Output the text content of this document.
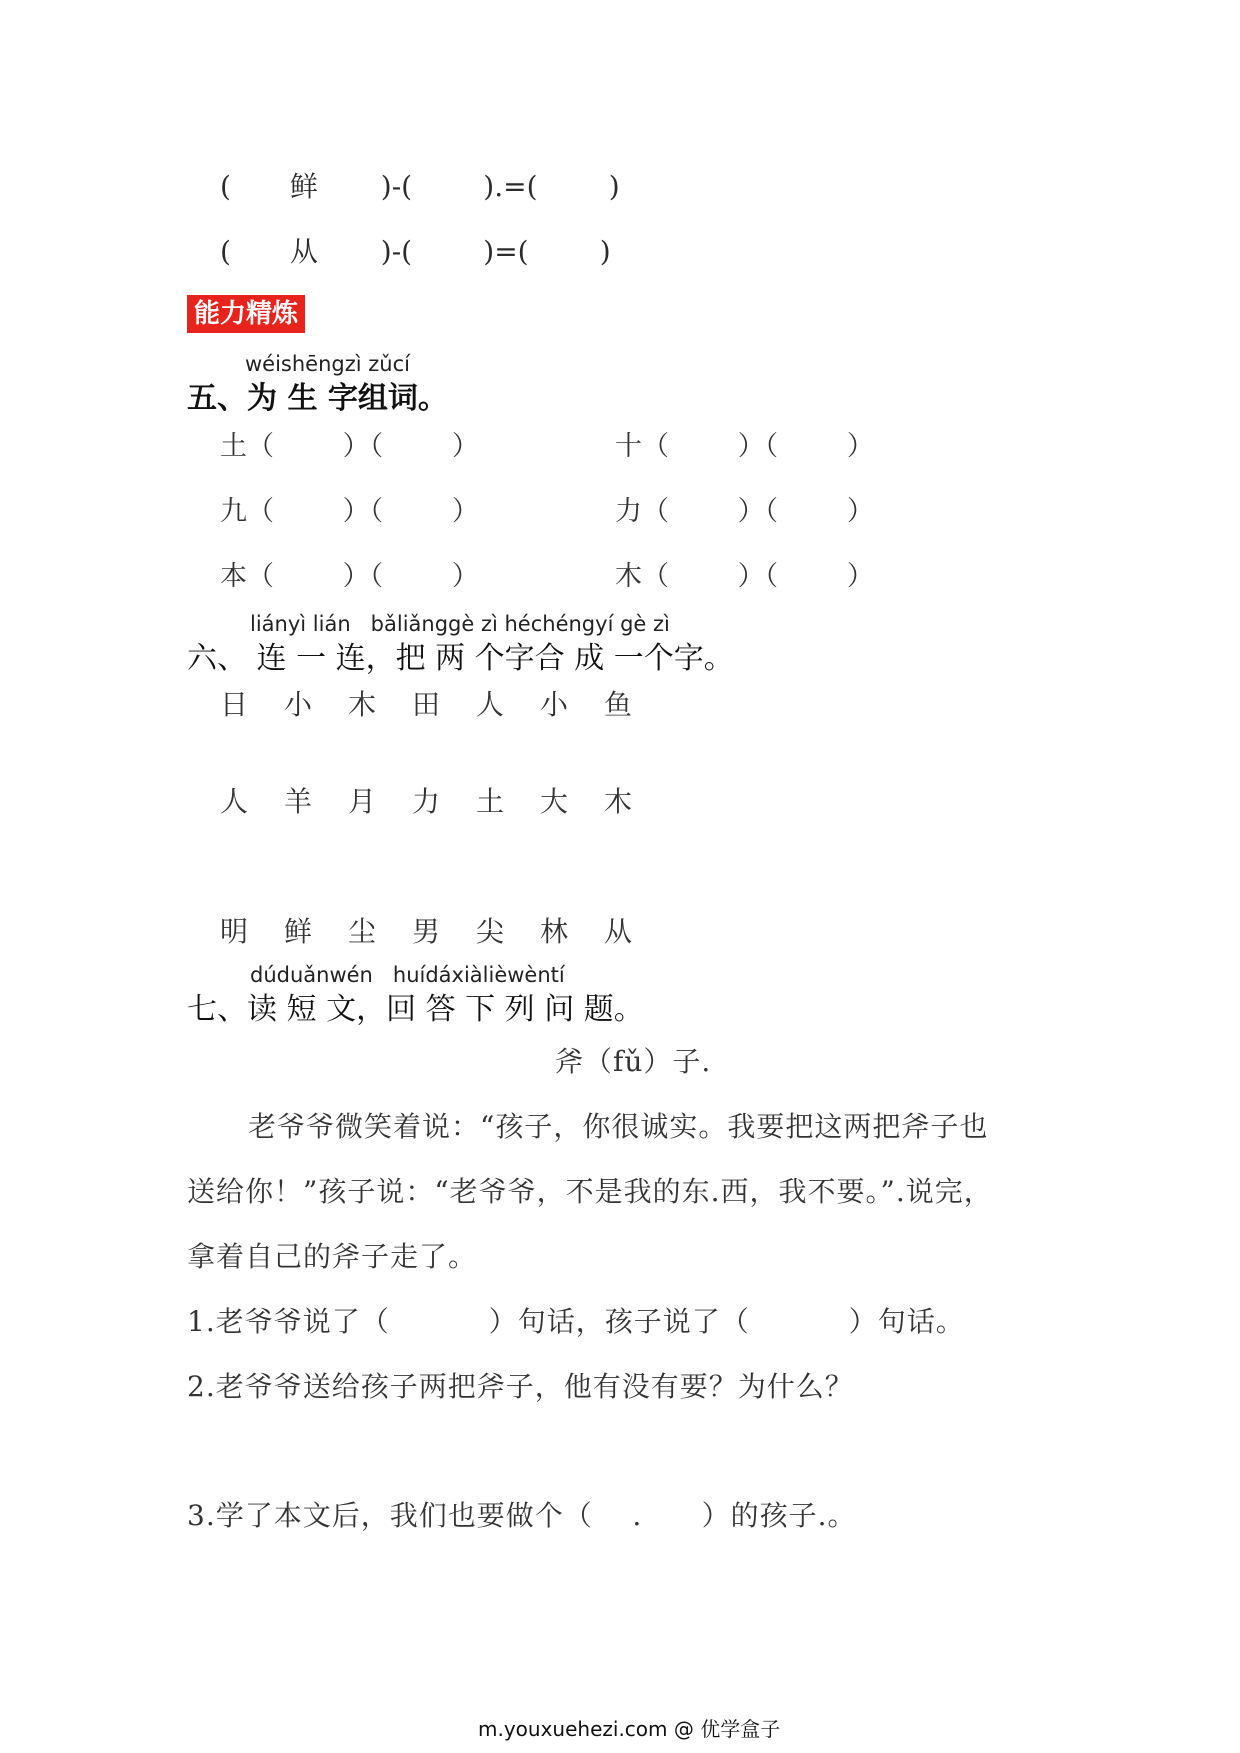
( 鲜 )-(        ).=(        )
( 从 )-(        )=(        )
能力精炼
wéishēngzì zǔcí
五、为 生 字组词。
土（        ）（        ）	十（        ）（        ）
九（        ）（        ）	力（        ）（        ）
本（        ）（        ）	木（        ）（        ）
liányì lián   bǎliǎnggè zì héchéngyí gè zì
六、 连 一 连，把 两 个字合 成 一个字。
日 小 木 田 人 小 鱼
人 羊 月 力 土 大 木
明 鲜 尘 男 尖 林 从
dúduǎnwén   huídáxiàlièwèntí
七、读 短 文，回 答 下 列 问 题。
斧（fǔ）子.
老爷爷微笑着说：“孩子，你很诚实。我要把这两把斧子也
送给你！”孩子说：“老爷爷，不是我的东.西，我不要。”.说完，
拿着自己的斧子走了。
1.老爷爷说了（          ）句话，孩子说了（          ）句话。
2.老爷爷送给孩子两把斧子，他有没有要？为什么？
3.学了本文后，我们也要做个（    .      ）的孩子.。
m.youxuehezi.com @ 优学盒子
